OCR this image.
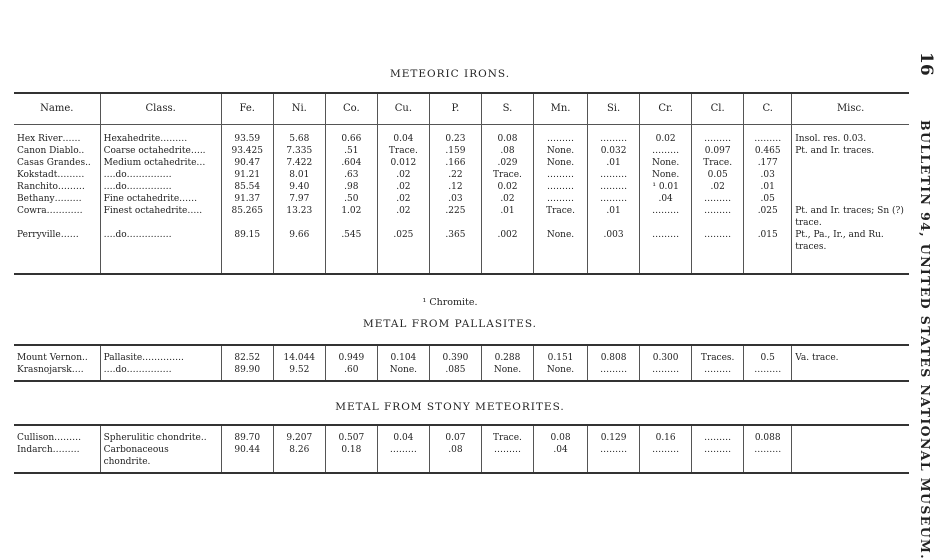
METEORIC IRONS.
Name.	Class.	Fe.	Ni.	Co.	Cu.	P.	S.	Mn.	Si.	Cr.	Cl.	C.	Misc.
Hex River……	Hexahedrite………	93.59	5.68	0.66	0.04	0.23	0.08	………	………	0.02	………	………	Insol. res. 0.03.
Canon Diablo..	Coarse octahedrite…..	93.425	7.335	.51	Trace.	.159	.08	None.	0.032	………	0.097	0.465	Pt. and Ir. traces.
Casas Grandes..	Medium octahedrite…	90.47	7.422	.604	0.012	.166	.029	None.	.01	None.	Trace.	.177	
Kokstadt………	….do……………	91.21	8.01	.63	.02	.22	Trace.	………	………	None.	0.05	.03	
Ranchito………	….do……………	85.54	9.40	.98	.02	.12	0.02	………	………	¹ 0.01	.02	.01	
Bethany………	Fine octahedrite……	91.37	7.97	.50	.02	.03	.02	………	………	.04	………	.05	
Cowra…………	Finest octahedrite…..	85.265	13.23	1.02	.02	.225	.01	Trace.	.01	………	………	.025	Pt. and Ir. traces; Sn (?) trace.
Perryville……	….do……………	89.15	9.66	.545	.025	.365	.002	None.	.003	………	………	.015	Pt., Pa., Ir., and Ru. traces.
¹ Chromite.
METAL FROM PALLASITES.
Mount Vernon..	Pallasite…………..	82.52	14.044	0.949	0.104	0.390	0.288	0.151	0.808	0.300	Traces.	0.5	Va. trace.
Krasnojarsk….	….do……………	89.90	9.52	.60	None.	.085	None.	None.	………	………	………	………	
METAL FROM STONY METEORITES.
Cullison………	Spherulitic chondrite..	89.70	9.207	0.507	0.04	0.07	Trace.	0.08	0.129	0.16	………	0.088	
Indarch………	Carbonaceous chondrite.	90.44	8.26	0.18	………	.08	………	.04	………	………	………	………	
16
BULLETIN 94, UNITED STATES NATIONAL MUSEUM.
